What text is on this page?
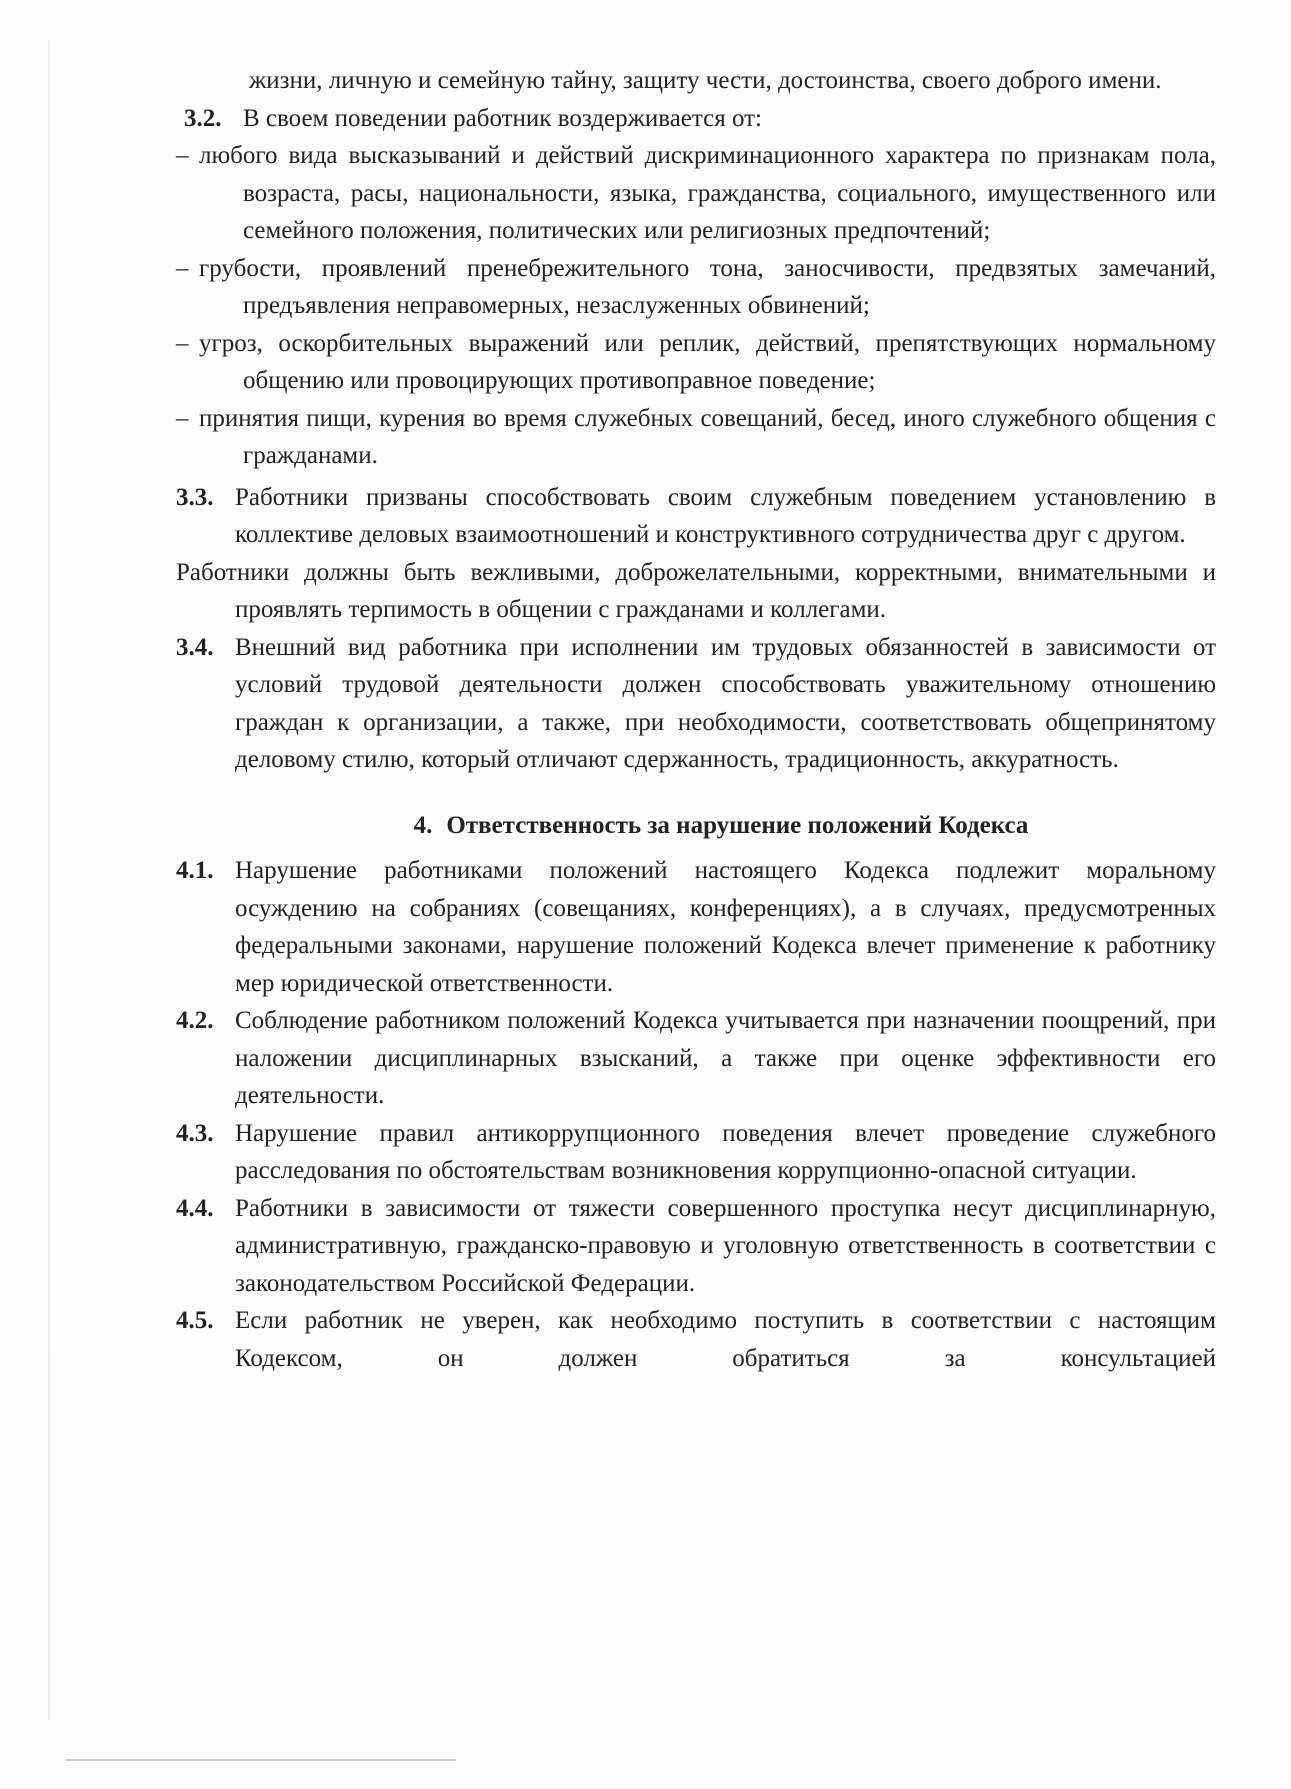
жизни, личную и семейную тайну, защиту чести, достоинства, своего доброго имени.

3.2. В своем поведении работник воздерживается от:

– любого вида высказываний и действий дискриминационного характера по признакам пола, возраста, расы, национальности, языка, гражданства, социального, имущественного или семейного положения, политических или религиозных предпочтений;

– грубости, проявлений пренебрежительного тона, заносчивости, предвзятых замечаний, предъявления неправомерных, незаслуженных обвинений;

– угроз, оскорбительных выражений или реплик, действий, препятствующих нормальному общению или провоцирующих противоправное поведение;

– принятия пищи, курения во время служебных совещаний, бесед, иного служебного общения с гражданами.

3.3. Работники призваны способствовать своим служебным поведением установлению в коллективе деловых взаимоотношений и конструктивного сотрудничества друг с другом.

Работники должны быть вежливыми, доброжелательными, корректными, внимательными и проявлять терпимость в общении с гражданами и коллегами.

3.4. Внешний вид работника при исполнении им трудовых обязанностей в зависимости от условий трудовой деятельности должен способствовать уважительному отношению граждан к организации, а также, при необходимости, соответствовать общепринятому деловому стилю, который отличают сдержанность, традиционность, аккуратность.

4. Ответственность за нарушение положений Кодекса

4.1. Нарушение работниками положений настоящего Кодекса подлежит моральному осуждению на собраниях (совещаниях, конференциях), а в случаях, предусмотренных федеральными законами, нарушение положений Кодекса влечет применение к работнику мер юридической ответственности.

4.2. Соблюдение работником положений Кодекса учитывается при назначении поощрений, при наложении дисциплинарных взысканий, а также при оценке эффективности его деятельности.

4.3. Нарушение правил антикоррупционного поведения влечет проведение служебного расследования по обстоятельствам возникновения коррупционно-опасной ситуации.

4.4. Работники в зависимости от тяжести совершенного проступка несут дисциплинарную, административную, гражданско-правовую и уголовную ответственность в соответствии с законодательством Российской Федерации.

4.5. Если работник не уверен, как необходимо поступить в соответствии с настоящим Кодексом, он должен обратиться за консультацией
